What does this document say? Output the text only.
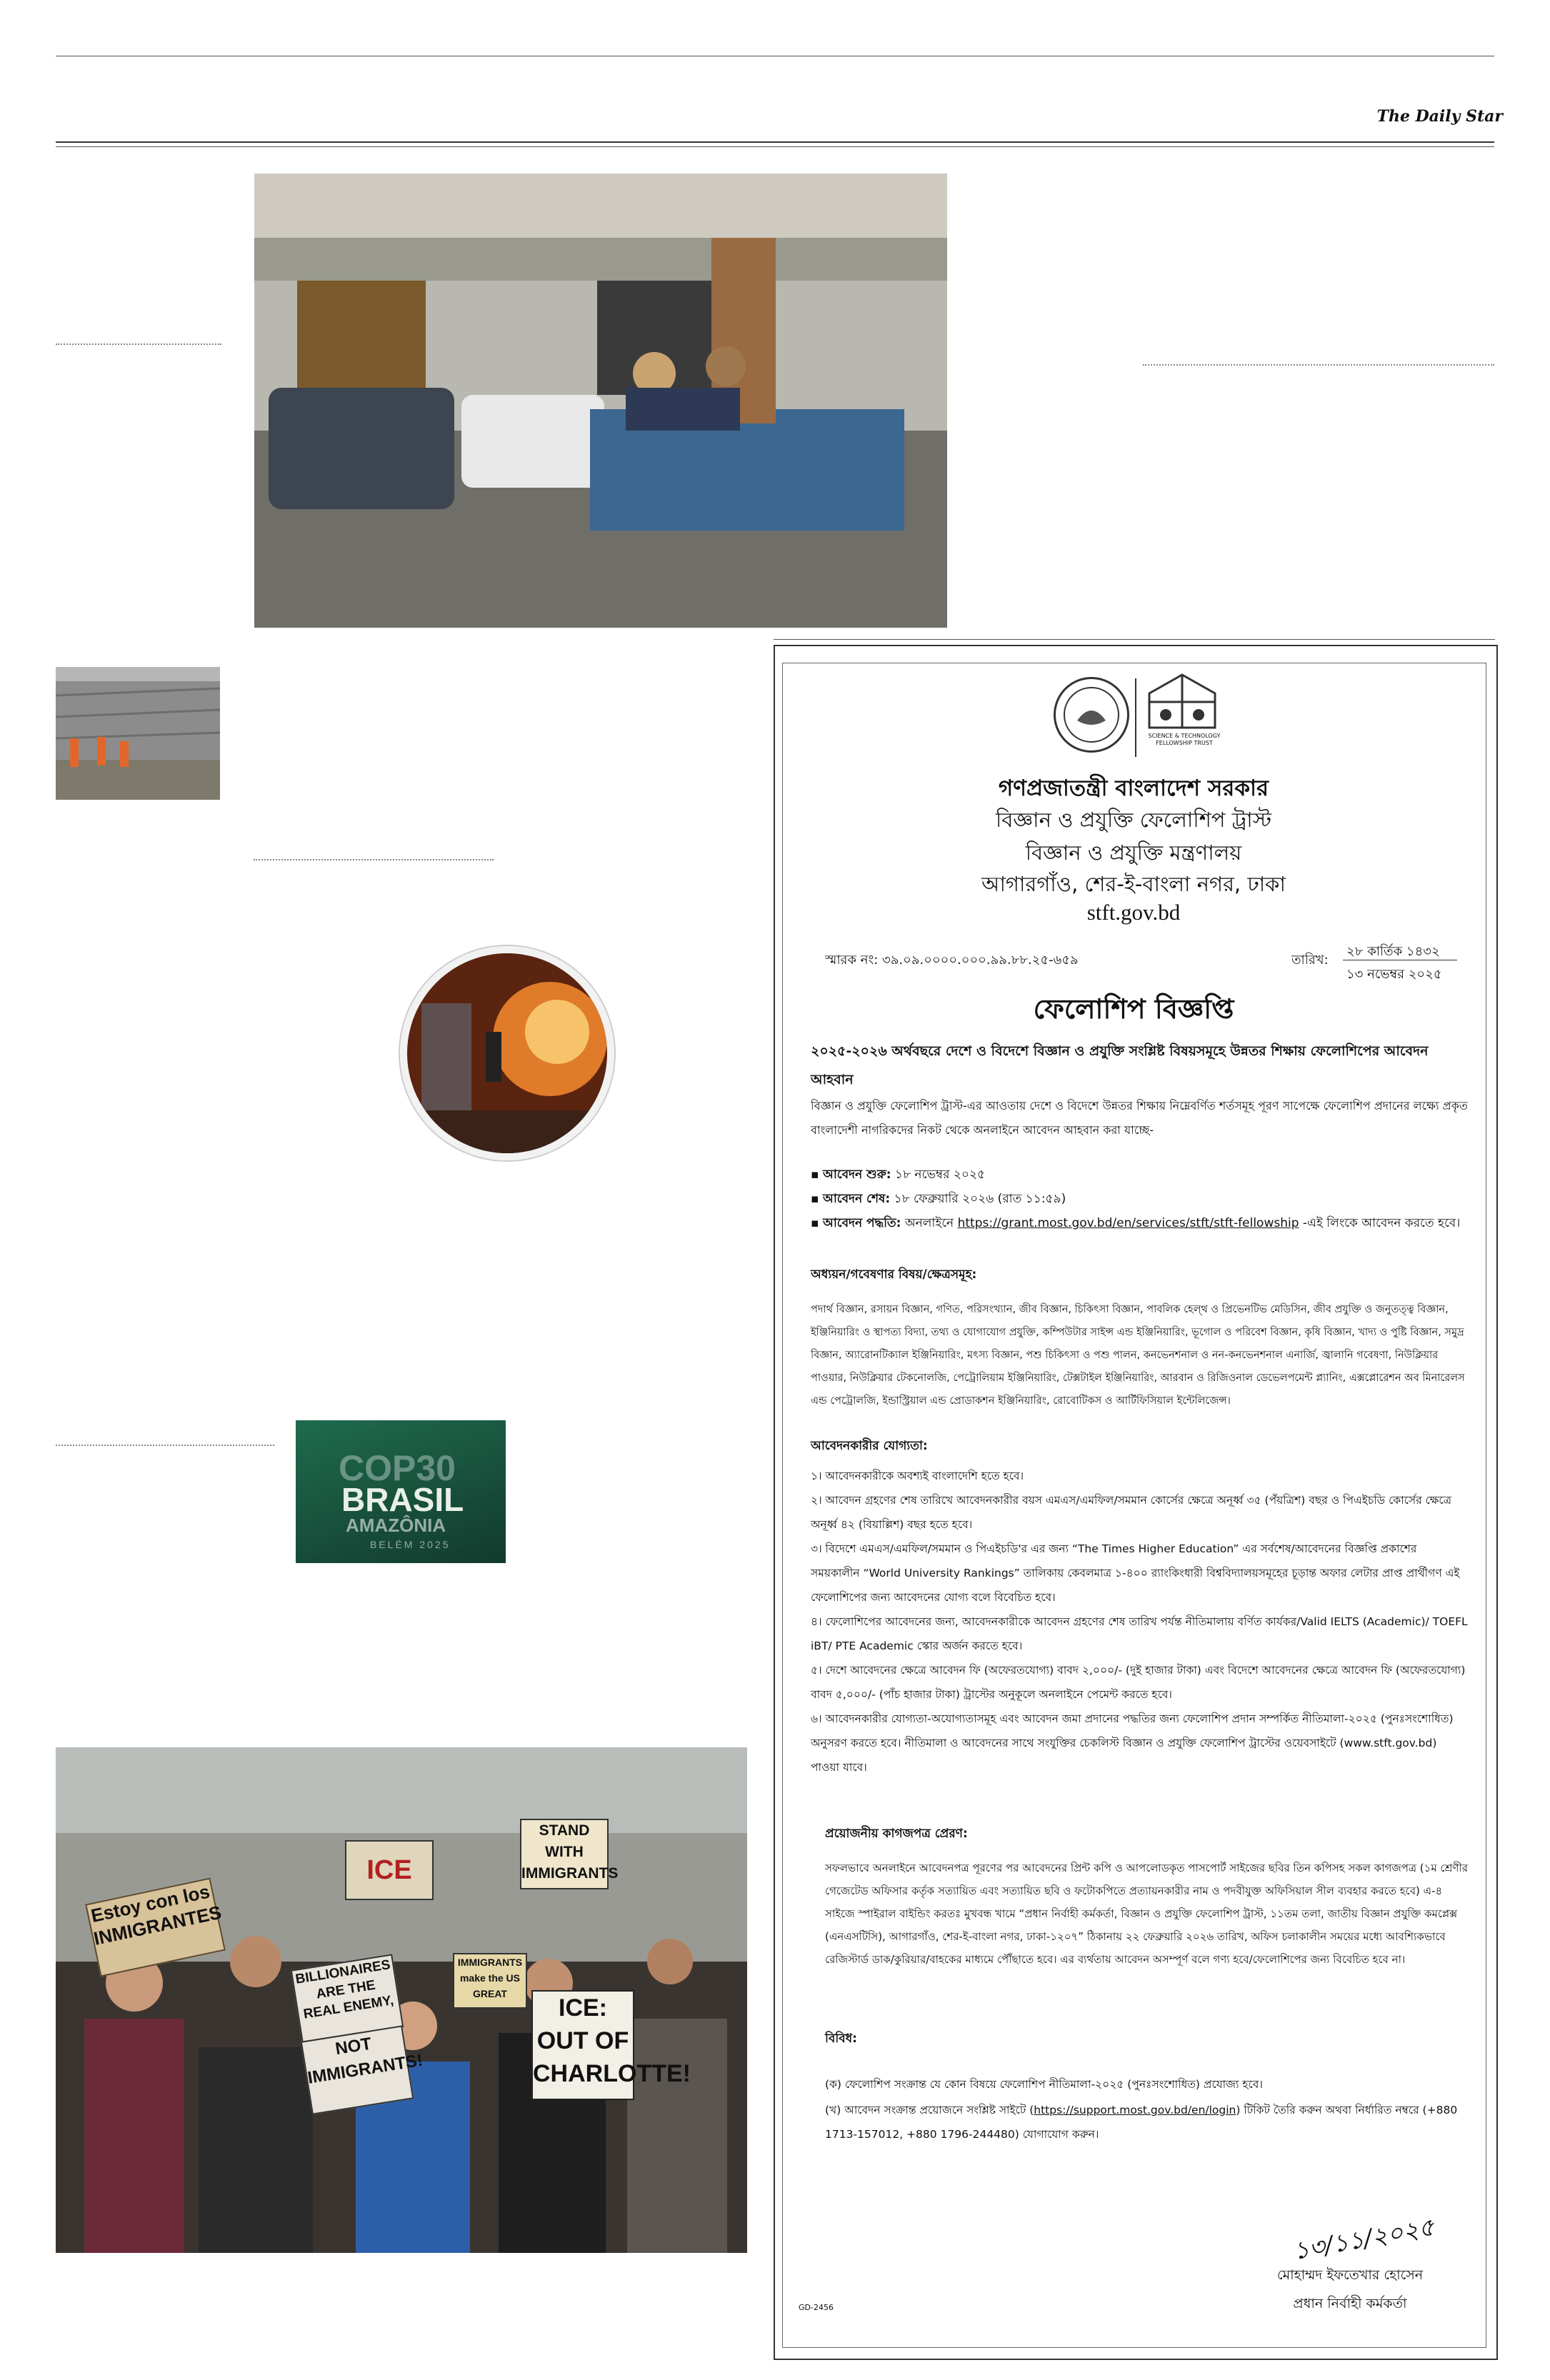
The Daily Star
COP30
BRASIL
AMAZÔNIA
BELÉM 2025
Estoy con los INMIGRANTES
ICE
STAND WITH IMMIGRANTS
BILLIONAIRES ARE THE REAL ENEMY,
NOT IMMIGRANTS!
ICE: OUT OF CHARLOTTE!
IMMIGRANTS make the US GREAT
SCIENCE & TECHNOLOGY FELLOWSHIP TRUST
গণপ্রজাতন্ত্রী বাংলাদেশ সরকার
বিজ্ঞান ও প্রযুক্তি ফেলোশিপ ট্রাস্ট
বিজ্ঞান ও প্রযুক্তি মন্ত্রণালয়
আগারগাঁও, শের-ই-বাংলা নগর, ঢাকা
stft.gov.bd
স্মারক নং: ৩৯.০৯.০০০০.০০০.৯৯.৮৮.২৫-৬৫৯	তারিখ:
২৮ কার্তিক ১৪৩২
১৩ নভেম্বর ২০২৫
ফেলোশিপ বিজ্ঞপ্তি
২০২৫-২০২৬ অর্থবছরে দেশে ও বিদেশে বিজ্ঞান ও প্রযুক্তি সংশ্লিষ্ট বিষয়সমূহে উন্নতর শিক্ষায় ফেলোশিপের আবেদন আহবান
বিজ্ঞান ও প্রযুক্তি ফেলোশিপ ট্রাস্ট-এর আওতায় দেশে ও বিদেশে উন্নতর শিক্ষায় নিম্নেবর্ণিত শর্তসমূহ পূরণ সাপেক্ষে ফেলোশিপ প্রদানের লক্ষ্যে প্রকৃত বাংলাদেশী নাগরিকদের নিকট থেকে অনলাইনে আবেদন আহবান করা যাচ্ছে-
▪ আবেদন শুরু: ১৮ নভেম্বর ২০২৫
▪ আবেদন শেষ: ১৮ ফেব্রুয়ারি ২০২৬ (রাত ১১:৫৯)
▪ আবেদন পদ্ধতি: অনলাইনে https://grant.most.gov.bd/en/services/stft/stft-fellowship -এই লিংকে আবেদন করতে হবে।
অধ্যয়ন/গবেষণার বিষয়/ক্ষেত্রসমূহ:
পদার্থ বিজ্ঞান, রসায়ন বিজ্ঞান, গণিত, পরিসংখ্যান, জীব বিজ্ঞান, চিকিৎসা বিজ্ঞান, পাবলিক হেল্থ ও প্রিভেনটিভ মেডিসিন, জীব প্রযুক্তি ও জনুতত্ত্ব বিজ্ঞান, ইঞ্জিনিয়ারিং ও স্থাপত্য বিদ্যা, তথ্য ও যোগাযোগ প্রযুক্তি, কম্পিউটার সাইন্স এন্ড ইঞ্জিনিয়ারিং, ভূগোল ও পরিবেশ বিজ্ঞান, কৃষি বিজ্ঞান, খাদ্য ও পুষ্টি বিজ্ঞান, সমুদ্র বিজ্ঞান, অ্যারোনটিক্যাল ইঞ্জিনিয়ারিং, মৎস্য বিজ্ঞান, পশু চিকিৎসা ও পশু পালন, কনভেনশনাল ও নন-কনভেনশনাল এনার্জি, জ্বালানি গবেষণা, নিউক্লিয়ার পাওয়ার, নিউক্লিয়ার টেকনোলজি, পেট্রোলিয়াম ইঞ্জিনিয়ারিং, টেক্সটাইল ইঞ্জিনিয়ারিং, আরবান ও রিজিওনাল ডেভেলপমেন্ট প্ল্যানিং, এক্সপ্লোরেশন অব মিনারেলস এন্ড পেট্রোলজি, ইন্ডাস্ট্রিয়াল এন্ড প্রোডাকশন ইঞ্জিনিয়ারিং, রোবোটিকস ও আর্টিফিসিয়াল ইন্টেলিজেন্স।
আবেদনকারীর যোগ্যতা:
১। আবেদনকারীকে অবশ্যই বাংলাদেশি হতে হবে।
২। আবেদন গ্রহণের শেষ তারিখে আবেদনকারীর বয়স এমএস/এমফিল/সমমান কোর্সের ক্ষেত্রে অনূর্ধ্ব ৩৫ (পঁয়ত্রিশ) বছর ও পিএইচডি কোর্সের ক্ষেত্রে অনূর্ধ্ব ৪২ (বিয়াল্লিশ) বছর হতে হবে।
৩। বিদেশে এমএস/এমফিল/সমমান ও পিএইচডি'র এর জন্য “The Times Higher Education” এর সর্বশেষ/আবেদনের বিজ্ঞপ্তি প্রকাশের সময়কালীন “World University Rankings” তালিকায় কেবলমাত্র ১-৪০০ র‍্যাংকিংধারী বিশ্ববিদ্যালয়সমূহের চূড়ান্ত অফার লেটার প্রাপ্ত প্রার্থীগণ এই ফেলোশিপের জন্য আবেদনের যোগ্য বলে বিবেচিত হবে।
৪। ফেলোশিপের আবেদনের জন্য, আবেদনকারীকে আবেদন গ্রহণের শেষ তারিখ পর্যন্ত নীতিমালায় বর্ণিত কার্যকর/Valid IELTS (Academic)/ TOEFL iBT/ PTE Academic স্কোর অর্জন করতে হবে।
৫। দেশে আবেদনের ক্ষেত্রে আবেদন ফি (অফেরতযোগ্য) বাবদ ২,০০০/- (দুই হাজার টাকা) এবং বিদেশে আবেদনের ক্ষেত্রে আবেদন ফি (অফেরতযোগ্য) বাবদ ৫,০০০/- (পাঁচ হাজার টাকা) ট্রাস্টের অনুকূলে অনলাইনে পেমেন্ট করতে হবে।
৬। আবেদনকারীর যোগ্যতা-অযোগ্যতাসমূহ এবং আবেদন জমা প্রদানের পদ্ধতির জন্য ফেলোশিপ প্রদান সম্পর্কিত নীতিমালা-২০২৫ (পুনঃসংশোধিত) অনুসরণ করতে হবে। নীতিমালা ও আবেদনের সাথে সংযুক্তির চেকলিস্ট বিজ্ঞান ও প্রযুক্তি ফেলোশিপ ট্রাস্টের ওয়েবসাইটে (www.stft.gov.bd) পাওয়া যাবে।
প্রয়োজনীয় কাগজপত্র প্রেরণ:
সফলভাবে অনলাইনে আবেদনপত্র পূরণের পর আবেদনের প্রিন্ট কপি ও আপলোডকৃত পাসপোর্ট সাইজের ছবির তিন কপিসহ সকল কাগজপত্র (১ম শ্রেণীর গেজেটেড অফিসার কর্তৃক সত্যায়িত এবং সত্যায়িত ছবি ও ফটোকপিতে প্রত্যায়নকারীর নাম ও পদবীযুক্ত অফিসিয়াল সীল ব্যবহার করতে হবে) এ-৪ সাইজে স্পাইরাল বাইন্ডিং করতঃ মুখবন্ধ খামে “প্রধান নির্বাহী কর্মকর্তা, বিজ্ঞান ও প্রযুক্তি ফেলোশিপ ট্রাস্ট, ১১তম তলা, জাতীয় বিজ্ঞান প্রযুক্তি কমপ্লেক্স (এনএসটিসি), আগারগাঁও, শের-ই-বাংলা নগর, ঢাকা-১২০৭” ঠিকানায় ২২ ফেব্রুয়ারি ২০২৬ তারিখ, অফিস চলাকালীন সময়ের মধ্যে আবশ্যিকভাবে রেজিস্টার্ড ডাক/কুরিয়ার/বাহকের মাধ্যমে পৌঁছাতে হবে। এর ব্যর্থতায় আবেদন অসম্পূর্ণ বলে গণ্য হবে/ফেলোশিপের জন্য বিবেচিত হবে না।
বিবিধ:
(ক) ফেলোশিপ সংক্রান্ত যে কোন বিষয়ে ফেলোশিপ নীতিমালা-২০২৫ (পুনঃসংশোধিত) প্রযোজ্য হবে।
(খ) আবেদন সংক্রান্ত প্রয়োজনে সংশ্লিষ্ট সাইটে (https://support.most.gov.bd/en/login) টিকিট তৈরি করুন অথবা নির্ধারিত নম্বরে (+880 1713-157012, +880 1796-244480) যোগাযোগ করুন।
১৩/১১/২০২৫
মোহাম্মদ ইফতেখার হোসেন
প্রধান নির্বাহী কর্মকর্তা
GD-2456
